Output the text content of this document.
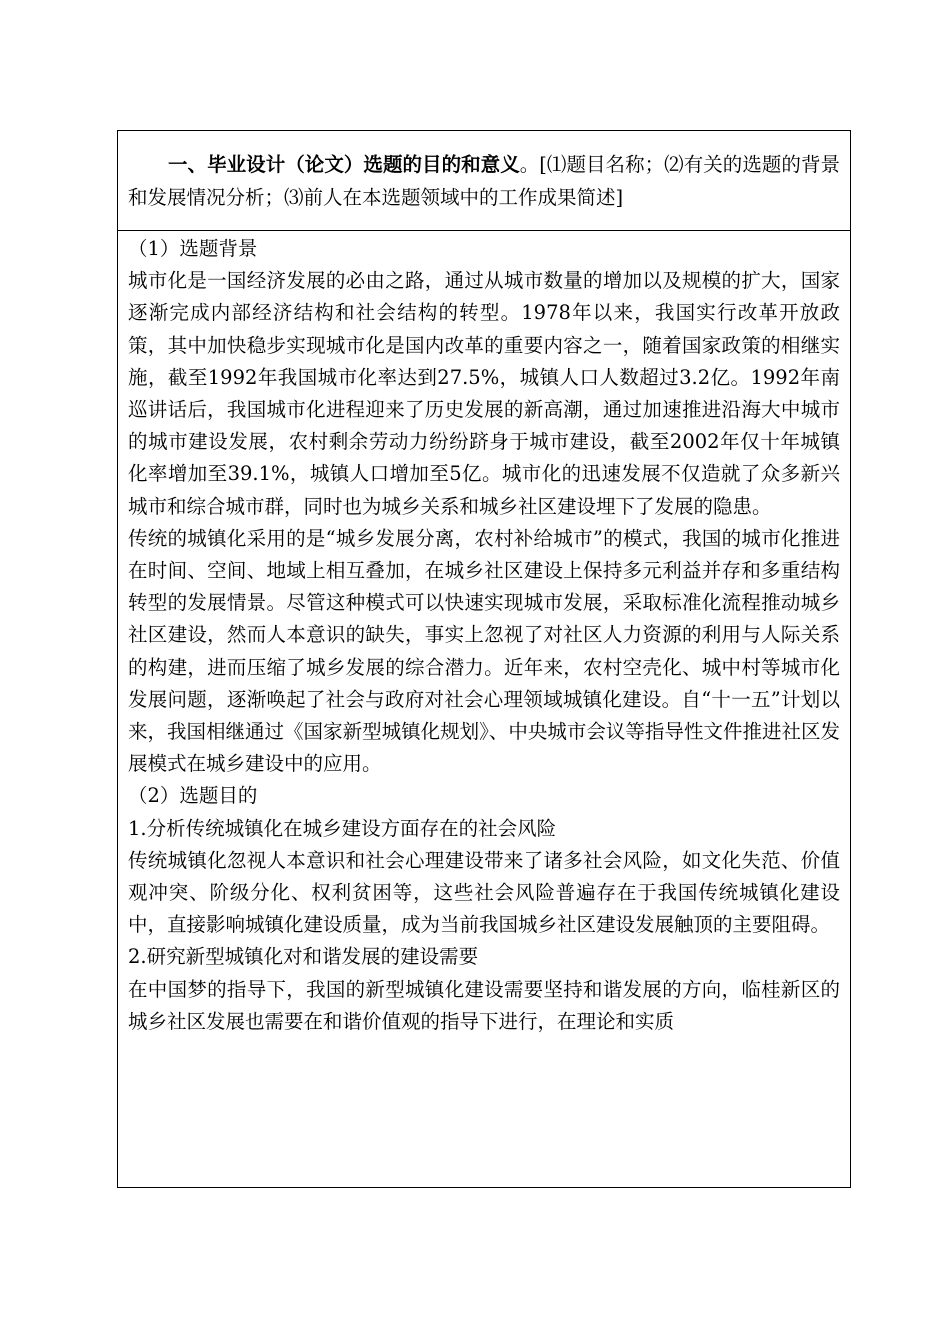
一、毕业设计（论文）选题的目的和意义。[⑴题目名称；⑵有关的选题的背景和发展情况分析；⑶前人在本选题领域中的工作成果简述]

（1）选题背景

城市化是一国经济发展的必由之路，通过从城市数量的增加以及规模的扩大，国家逐渐完成内部经济结构和社会结构的转型。1978年以来，我国实行改革开放政策，其中加快稳步实现城市化是国内改革的重要内容之一，随着国家政策的相继实施，截至1992年我国城市化率达到27.5%，城镇人口人数超过3.2亿。1992年南巡讲话后，我国城市化进程迎来了历史发展的新高潮，通过加速推进沿海大中城市的城市建设发展，农村剩余劳动力纷纷跻身于城市建设，截至2002年仅十年城镇化率增加至39.1%，城镇人口增加至5亿。城市化的迅速发展不仅造就了众多新兴城市和综合城市群，同时也为城乡关系和城乡社区建设埋下了发展的隐患。

传统的城镇化采用的是“城乡发展分离，农村补给城市”的模式，我国的城市化推进在时间、空间、地域上相互叠加，在城乡社区建设上保持多元利益并存和多重结构转型的发展情景。尽管这种模式可以快速实现城市发展，采取标准化流程推动城乡社区建设，然而人本意识的缺失，事实上忽视了对社区人力资源的利用与人际关系的构建，进而压缩了城乡发展的综合潜力。近年来，农村空壳化、城中村等城市化发展问题，逐渐唤起了社会与政府对社会心理领域城镇化建设。自“十一五”计划以来，我国相继通过《国家新型城镇化规划》、中央城市会议等指导性文件推进社区发展模式在城乡建设中的应用。

（2）选题目的

1.分析传统城镇化在城乡建设方面存在的社会风险

传统城镇化忽视人本意识和社会心理建设带来了诸多社会风险，如文化失范、价值观冲突、阶级分化、权利贫困等，这些社会风险普遍存在于我国传统城镇化建设中，直接影响城镇化建设质量，成为当前我国城乡社区建设发展触顶的主要阻碍。

2.研究新型城镇化对和谐发展的建设需要

在中国梦的指导下，我国的新型城镇化建设需要坚持和谐发展的方向，临桂新区的城乡社区发展也需要在和谐价值观的指导下进行，在理论和实质
